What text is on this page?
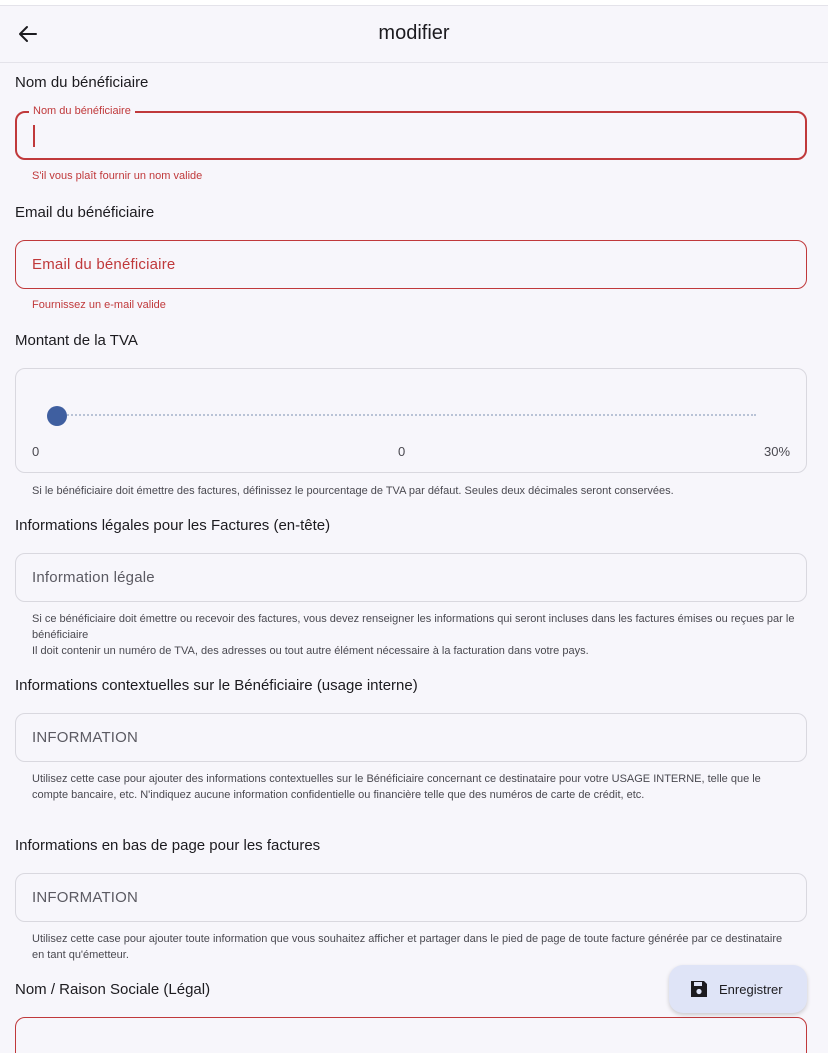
modifier
Nom du bénéficiaire
Nom du bénéficiaire
S'il vous plaît fournir un nom valide
Email du bénéficiaire
Email du bénéficiaire
Fournissez un e-mail valide
Montant de la TVA
0	0	30%
Si le bénéficiaire doit émettre des factures, définissez le pourcentage de TVA par défaut. Seules deux décimales seront conservées.
Informations légales pour les Factures (en-tête)
Information légale
Si ce bénéficiaire doit émettre ou recevoir des factures, vous devez renseigner les informations qui seront incluses dans les factures émises ou reçues par le bénéficiaire
Il doit contenir un numéro de TVA, des adresses ou tout autre élément nécessaire à la facturation dans votre pays.
Informations contextuelles sur le Bénéficiaire (usage interne)
INFORMATION
Utilisez cette case pour ajouter des informations contextuelles sur le Bénéficiaire concernant ce destinataire pour votre USAGE INTERNE, telle que le compte bancaire, etc. N'indiquez aucune information confidentielle ou financière telle que des numéros de carte de crédit, etc.
Informations en bas de page pour les factures
INFORMATION
Utilisez cette case pour ajouter toute information que vous souhaitez afficher et partager dans le pied de page de toute facture générée par ce destinataire en tant qu'émetteur.
Nom / Raison Sociale (Légal)	Enregistrer
